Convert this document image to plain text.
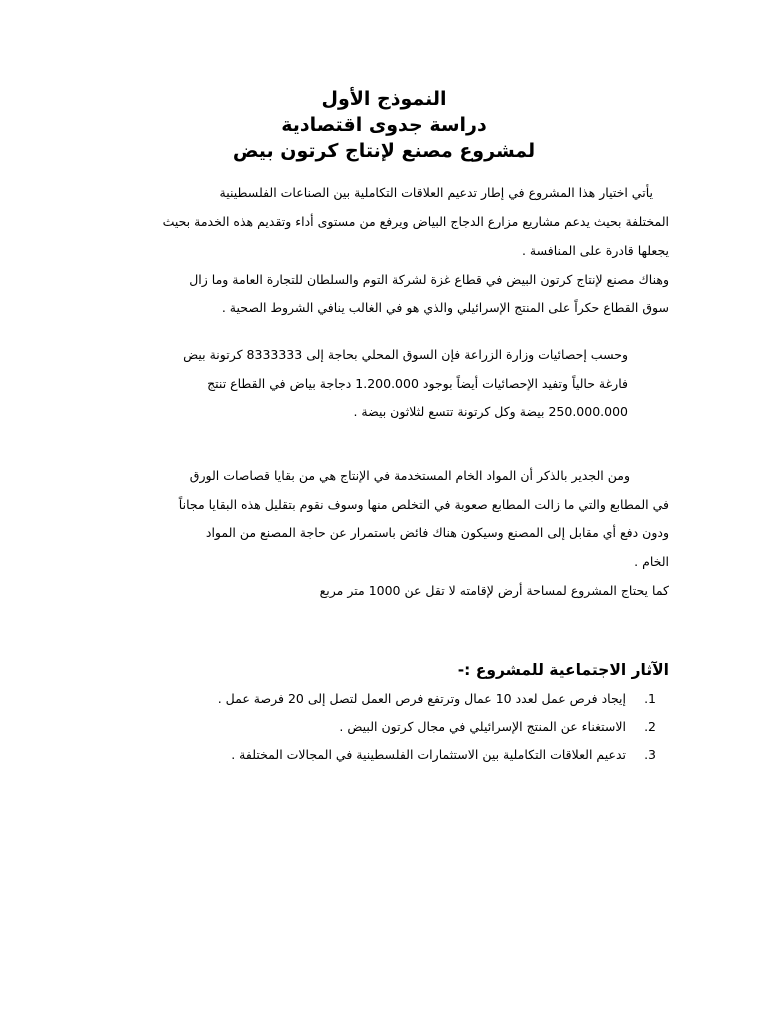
النموذج الأول
دراسة جدوى اقتصادية
لمشروع مصنع لإنتاج كرتون بيض
يأتي اختيار هذا المشروع في إطار تدعيم العلاقات التكاملية بين الصناعات الفلسطينية
المختلفة بحيث يدعم مشاريع مزارع الدجاج البياض ويرفع من مستوى أداء وتقديم هذه الخدمة بحيث
يجعلها قادرة على المنافسة .
وهناك مصنع لإنتاج كرتون البيض في قطاع غزة لشركة التوم والسلطان للتجارة العامة وما زال
سوق القطاع حكراً على المنتج الإسرائيلي والذي هو في الغالب ينافي الشروط الصحية .
وحسب إحصائيات وزارة الزراعة فإن السوق المحلي بحاجة إلى 8333333 كرتونة بيض
فارغة حالياً وتفيد الإحصائيات أيضاً بوجود 1.200.000 دجاجة بياض في القطاع تنتج
250.000.000 بيضة وكل كرتونة تتسع لثلاثون بيضة .
ومن الجدير بالذكر أن المواد الخام المستخدمة في الإنتاج هي من بقايا قصاصات الورق
في المطابع والتي ما زالت المطابع صعوبة في التخلص منها وسوف نقوم بتقليل هذه البقايا مجاناً
ودون دفع أي مقابل إلى المصنع وسيكون هناك فائض باستمرار عن حاجة المصنع من المواد
الخام .
كما يحتاج المشروع لمساحة أرض لإقامته لا تقل عن 1000 متر مربع
الآثار الاجتماعية للمشروع :-
1.إيجاد فرص عمل لعدد 10 عمال وترتفع فرص العمل لتصل إلى 20 فرصة عمل .
2.الاستغناء عن المنتج الإسرائيلي في مجال كرتون البيض .
3.تدعيم العلاقات التكاملية بين الاستثمارات الفلسطينية في المجالات المختلفة .
